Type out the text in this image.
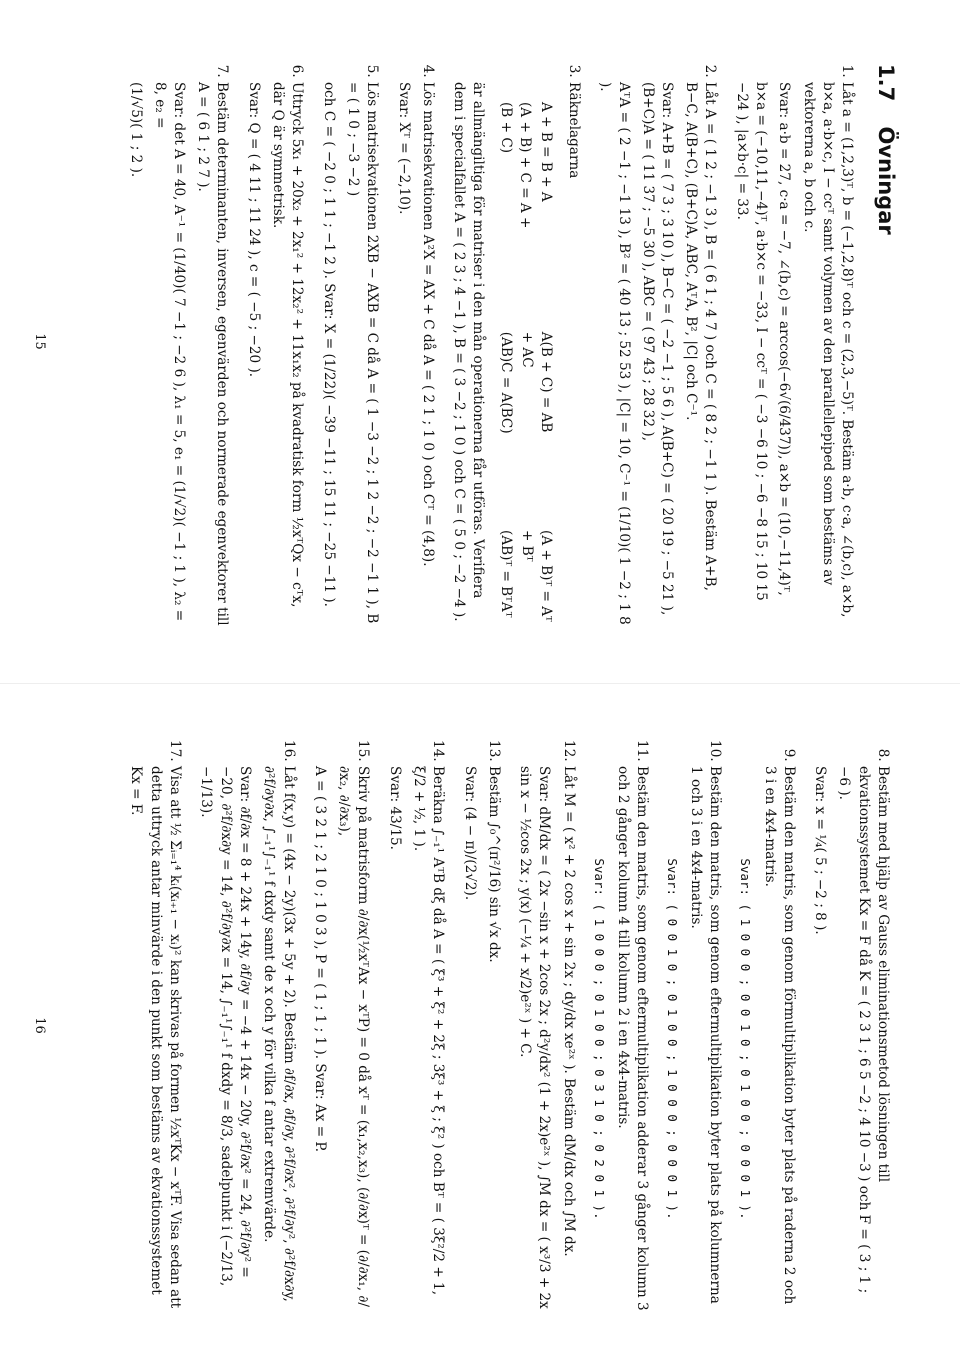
1.7 Övningar

1. Låt a = (1,2,3)ᵀ, b = (−1,2,8)ᵀ och c = (2,3,−5)ᵀ. Bestäm a·b, c·a, ∠(b,c), a×b, b×a, a·b×c, I − ccᵀ samt volymen av den parallellepiped som bestäms av vektorerna a, b och c.

Svar: a·b = 27, c·a = −7, ∠(b,c) = arccos(−6√(6/437)), a×b = (10,−11,4)ᵀ,

b×a = (−10,11,−4)ᵀ, a·b×c = −33, I − ccᵀ = ( −3 −6 10 ; −6 −8 15 ; 10 15 −24 ), |a×b·c| = 33.

2. Låt A = ( 1 2 ; −1 3 ), B = ( 6 1 ; 4 7 ) och C = ( 8 2 ; −1 1 ). Bestäm A+B, B−C, A(B+C), (B+C)A, ABC, AᵀA, B², |C| och C⁻¹.

Svar: A+B = ( 7 3 ; 3 10 ), B−C = ( −2 −1 ; 5 6 ), A(B+C) = ( 20 19 ; −5 21 ), (B+C)A = ( 11 37 ; −5 30 ), ABC = ( 97 43 ; 28 32 ),

AᵀA = ( 2 −1 ; −1 13 ), B² = ( 40 13 ; 52 53 ), |C| = 10, C⁻¹ = (1/10)( 1 −2 ; 1 8 ).

3. Räknelagarna

A + B = B + A
(A + B) + C = A + (B + C)
A(B + C) = AB + AC
(AB)C = A(BC)
(A + B)ᵀ = Aᵀ + Bᵀ
(AB)ᵀ = BᵀAᵀ

är allmängiltiga för matriser i den mån operationerna får utföras. Verifiera dem i specialfallet A = ( 2 3 ; 4 −1 ), B = ( 3 −2 ; 1 0 ) och C = ( 5 0 ; −2 −4 ).

4. Lös matrisekvationen A²X = AX + C då A = ( 2 1 ; 1 0 ) och Cᵀ = (4,8).

Svar: Xᵀ = (−2,10).

5. Lös matrisekvationen 2XB − AXB = C då A = ( 1 −3 −2 ; 1 2 −2 ; −2 −1 1 ), B = ( 1 0 ; −3 −2 )

och C = ( −2 0 ; 1 1 ; −1 2 ). Svar: X = (1/22)( −39 −11 ; 15 11 ; −25 −11 ).

6. Uttryck 5x₁ + 20x₂ + 2x₁² + 12x₂² + 11x₁x₂ på kvadratisk form ½xᵀQx − cᵀx, där Q är symmetrisk.

Svar: Q = ( 4 11 ; 11 24 ), c = ( −5 ; −20 ).

7. Bestäm determinanten, inversen, egenvärden och normerade egenvektorer till A = ( 6 1 ; 2 7 ).

Svar: det A = 40, A⁻¹ = (1/40)( 7 −1 ; −2 6 ), λ₁ = 5, e₁ = (1/√2)( −1 ; 1 ), λ₂ = 8, e₂ =

(1/√5)( 1 ; 2 ).

15

8. Bestäm med hjälp av Gauss eliminationsmetod lösningen till ekvationssystemet Kx = F då K = ( 2 3 1 ; 6 5 −2 ; 4 10 −3 ) och F = ( 3 ; 1 ; −6 ).

Svar: x = ¼( 5 ; −2 ; 8 ).

9. Bestäm den matris, som genom förmultiplikation byter plats på raderna 2 och 3 i en 4x4-matris.

Svar: ( 1 0 0 0 ; 0 0 1 0 ; 0 1 0 0 ; 0 0 0 1 ).

10. Bestäm den matris, som genom eftermultiplikation byter plats på kolumnerna 1 och 3 i en 4x4-matris.

Svar: ( 0 0 1 0 ; 0 1 0 0 ; 1 0 0 0 ; 0 0 0 1 ).

11. Bestäm den matris, som genom eftermultiplikation adderar 3 gånger kolumn 3 och 2 gånger kolumn 4 till kolumn 2 i en 4x4-matris.

Svar: ( 1 0 0 0 ; 0 1 0 0 ; 0 3 1 0 ; 0 2 0 1 ).

12. Låt M = ( x² + 2 cos x + sin 2x ; dy/dx xe²ˣ ). Bestäm dM/dx och ∫M dx.

Svar: dM/dx = ( 2x −sin x + 2cos 2x ; d²y/dx² (1 + 2x)e²ˣ ), ∫M dx = ( x³/3 + 2x sin x − ½cos 2x ; y(x) (−¼ + x/2)e²ˣ ) + C.

13. Bestäm ∫₀^(π²/16) sin √x dx.

Svar: (4 − π)/(2√2).

14. Beräkna ∫₋₁¹ AᵀB dξ då A = ( ξ³ + ξ² + 2ξ ; 3ξ³ + ξ ; ξ² ) och Bᵀ = ( 3ξ²/2 + 1, ξ/2 + ½, 1 ).

Svar: 43/15.

15. Skriv på matrisform ∂/∂x(½xᵀAx − xᵀP) = 0 då xᵀ = (x₁,x₂,x₃), (∂/∂x)ᵀ = (∂/∂x₁, ∂/∂x₂, ∂/∂x₃),

A = ( 3 2 1 ; 2 1 0 ; 1 0 3 ), P = ( 1 ; 1 ; 1 ). Svar: Ax = P.

16. Låt f(x,y) = (4x − 2y)(3x + 5y + 2). Bestäm ∂f/∂x, ∂f/∂y, ∂²f/∂x², ∂²f/∂y², ∂²f/∂x∂y, ∂²f/∂y∂x, ∫₋₁¹∫₋₁¹ f dxdy samt de x och y för vilka f antar extremvärde.

Svar: ∂f/∂x = 8 + 24x + 14y, ∂f/∂y = −4 + 14x − 20y, ∂²f/∂x² = 24, ∂²f/∂y² = −20, ∂²f/∂x∂y = 14, ∂²f/∂y∂x = 14, ∫₋₁¹∫₋₁¹ f dxdy = 8/3, sadelpunkt i (−2/13, −1/13).

17. Visa att ½ Σᵢ₌₁⁴ kᵢ(xᵢ₊₁ − xᵢ)² kan skrivas på formen ½xᵀKx − xᵀF. Visa sedan att detta uttryck antar minvärde i den punkt som bestäms av ekvationssystemet Kx = F.

16
